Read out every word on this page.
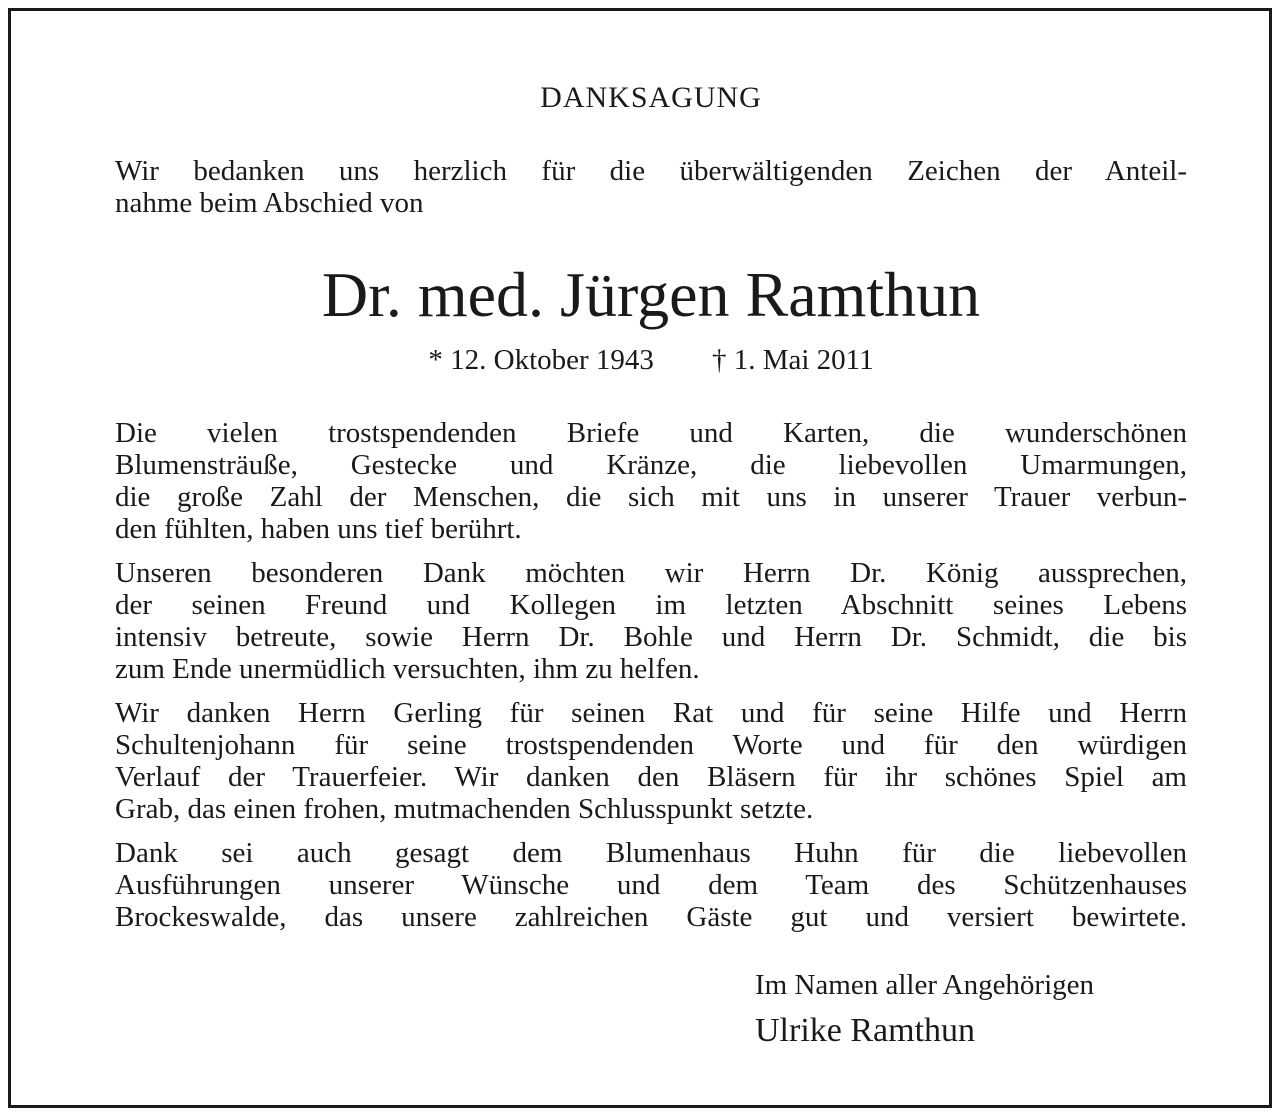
DANKSAGUNG

Wir bedanken uns herzlich für die überwältigenden Zeichen der Anteil-

nahme beim Abschied von

Dr. med. Jürgen Ramthun
* 12. Oktober 1943 † 1. Mai 2011

Die vielen trostspendenden Briefe und Karten, die wunderschönen

Blumensträuße, Gestecke und Kränze, die liebevollen Umarmungen,

die große Zahl der Menschen, die sich mit uns in unserer Trauer verbun-

den fühlten, haben uns tief berührt.

Unseren besonderen Dank möchten wir Herrn Dr. König aussprechen,

der seinen Freund und Kollegen im letzten Abschnitt seines Lebens

intensiv betreute, sowie Herrn Dr. Bohle und Herrn Dr. Schmidt, die bis

zum Ende unermüdlich versuchten, ihm zu helfen.

Wir danken Herrn Gerling für seinen Rat und für seine Hilfe und Herrn

Schultenjohann für seine trostspendenden Worte und für den würdigen

Verlauf der Trauerfeier. Wir danken den Bläsern für ihr schönes Spiel am

Grab, das einen frohen, mutmachenden Schlusspunkt setzte.

Dank sei auch gesagt dem Blumenhaus Huhn für die liebevollen

Ausführungen unserer Wünsche und dem Team des Schützenhauses

Brockeswalde, das unsere zahlreichen Gäste gut und versiert bewirtete.

Im Namen aller Angehörigen
Ulrike Ramthun
